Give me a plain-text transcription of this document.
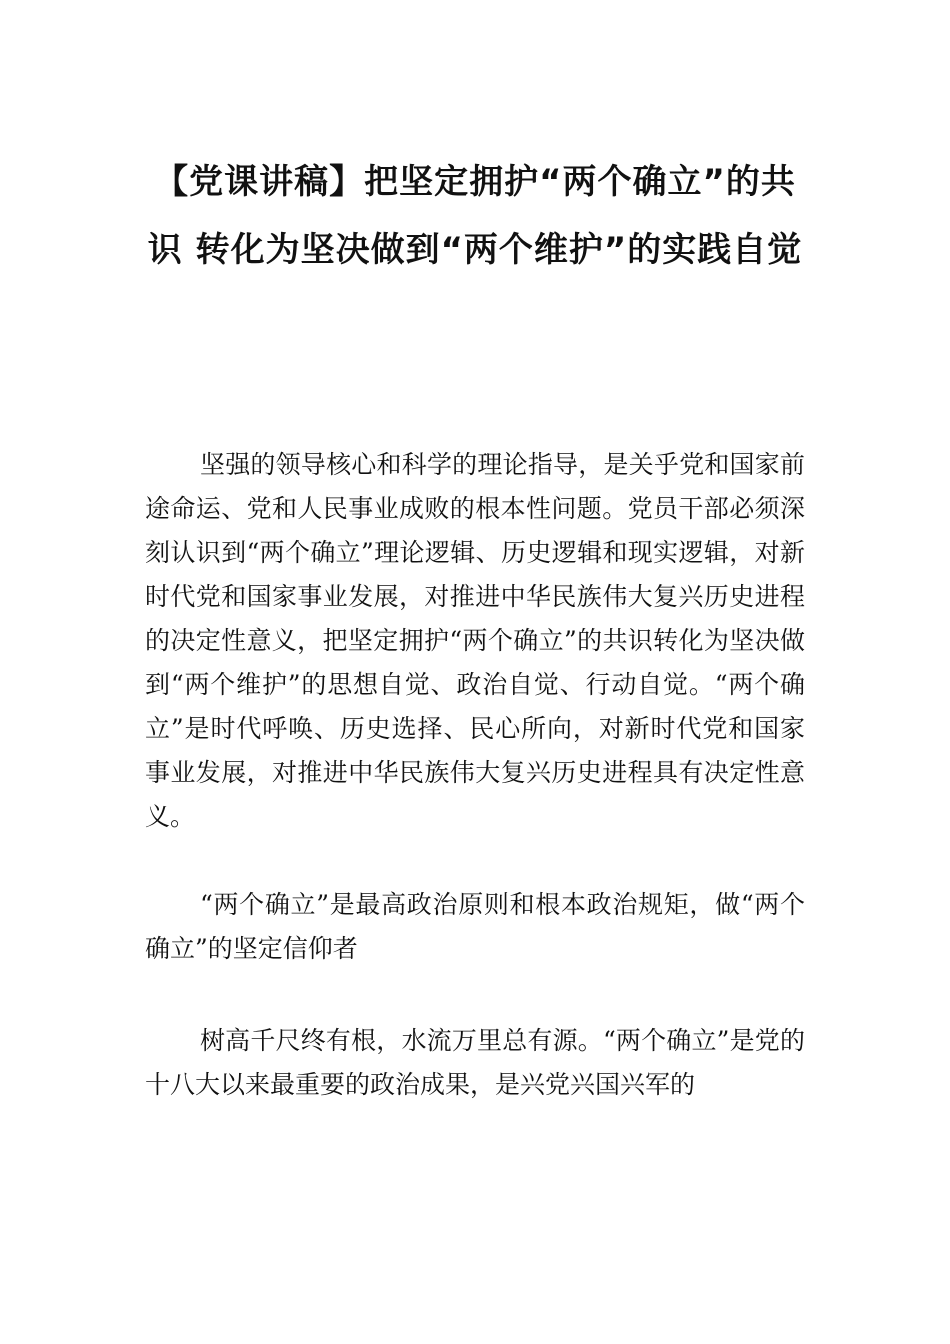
【党课讲稿】把坚定拥护“两个确立”的共识 转化为坚决做到“两个维护”的实践自觉

坚强的领导核心和科学的理论指导，是关乎党和国家前途命运、党和人民事业成败的根本性问题。党员干部必须深刻认识到“两个确立”理论逻辑、历史逻辑和现实逻辑，对新时代党和国家事业发展，对推进中华民族伟大复兴历史进程的决定性意义，把坚定拥护“两个确立”的共识转化为坚决做到“两个维护”的思想自觉、政治自觉、行动自觉。“两个确立”是时代呼唤、历史选择、民心所向，对新时代党和国家事业发展，对推进中华民族伟大复兴历史进程具有决定性意义。

“两个确立”是最高政治原则和根本政治规矩，做“两个确立”的坚定信仰者

树高千尺终有根，水流万里总有源。“两个确立”是党的十八大以来最重要的政治成果，是兴党兴国兴军的
